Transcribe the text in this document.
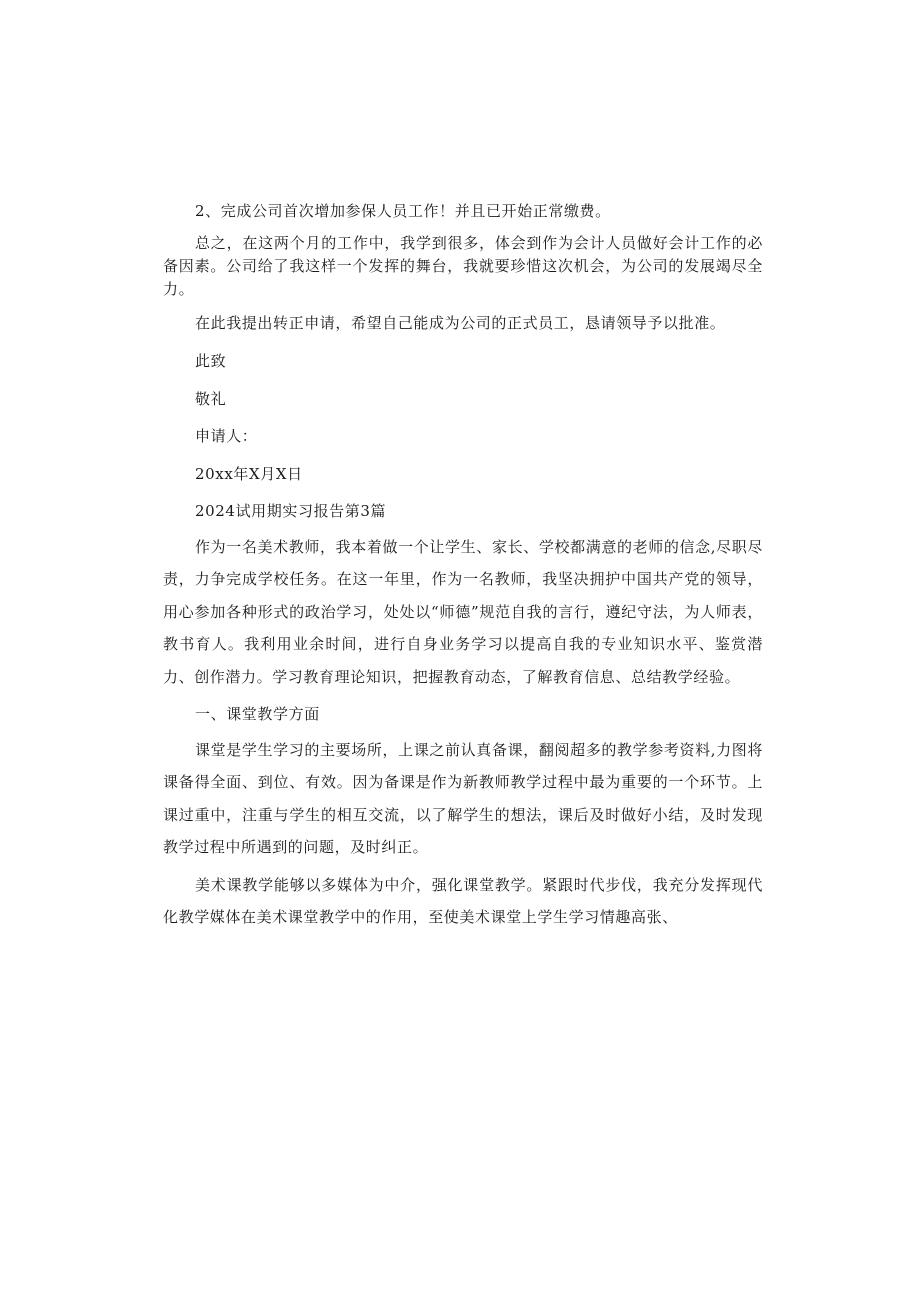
2、完成公司首次增加参保人员工作！并且已开始正常缴费。

总之，在这两个月的工作中，我学到很多，体会到作为会计人员做好会计工作的必备因素。公司给了我这样一个发挥的舞台，我就要珍惜这次机会，为公司的发展竭尽全力。

在此我提出转正申请，希望自己能成为公司的正式员工，恳请领导予以批准。

此致

敬礼

申请人：

20xx年X月X日

2024试用期实习报告第3篇

作为一名美术教师，我本着做一个让学生、家长、学校都满意的老师的信念,尽职尽责，力争完成学校任务。在这一年里，作为一名教师，我坚决拥护中国共产党的领导，用心参加各种形式的政治学习，处处以“师德”规范自我的言行，遵纪守法，为人师表，教书育人。我利用业余时间，进行自身业务学习以提高自我的专业知识水平、鉴赏潜力、创作潜力。学习教育理论知识，把握教育动态，了解教育信息、总结教学经验。

一、课堂教学方面

课堂是学生学习的主要场所，上课之前认真备课，翻阅超多的教学参考资料,力图将课备得全面、到位、有效。因为备课是作为新教师教学过程中最为重要的一个环节。上课过重中，注重与学生的相互交流，以了解学生的想法，课后及时做好小结，及时发现教学过程中所遇到的问题，及时纠正。

美术课教学能够以多媒体为中介，强化课堂教学。紧跟时代步伐，我充分发挥现代化教学媒体在美术课堂教学中的作用，至使美术课堂上学生学习情趣高张、
